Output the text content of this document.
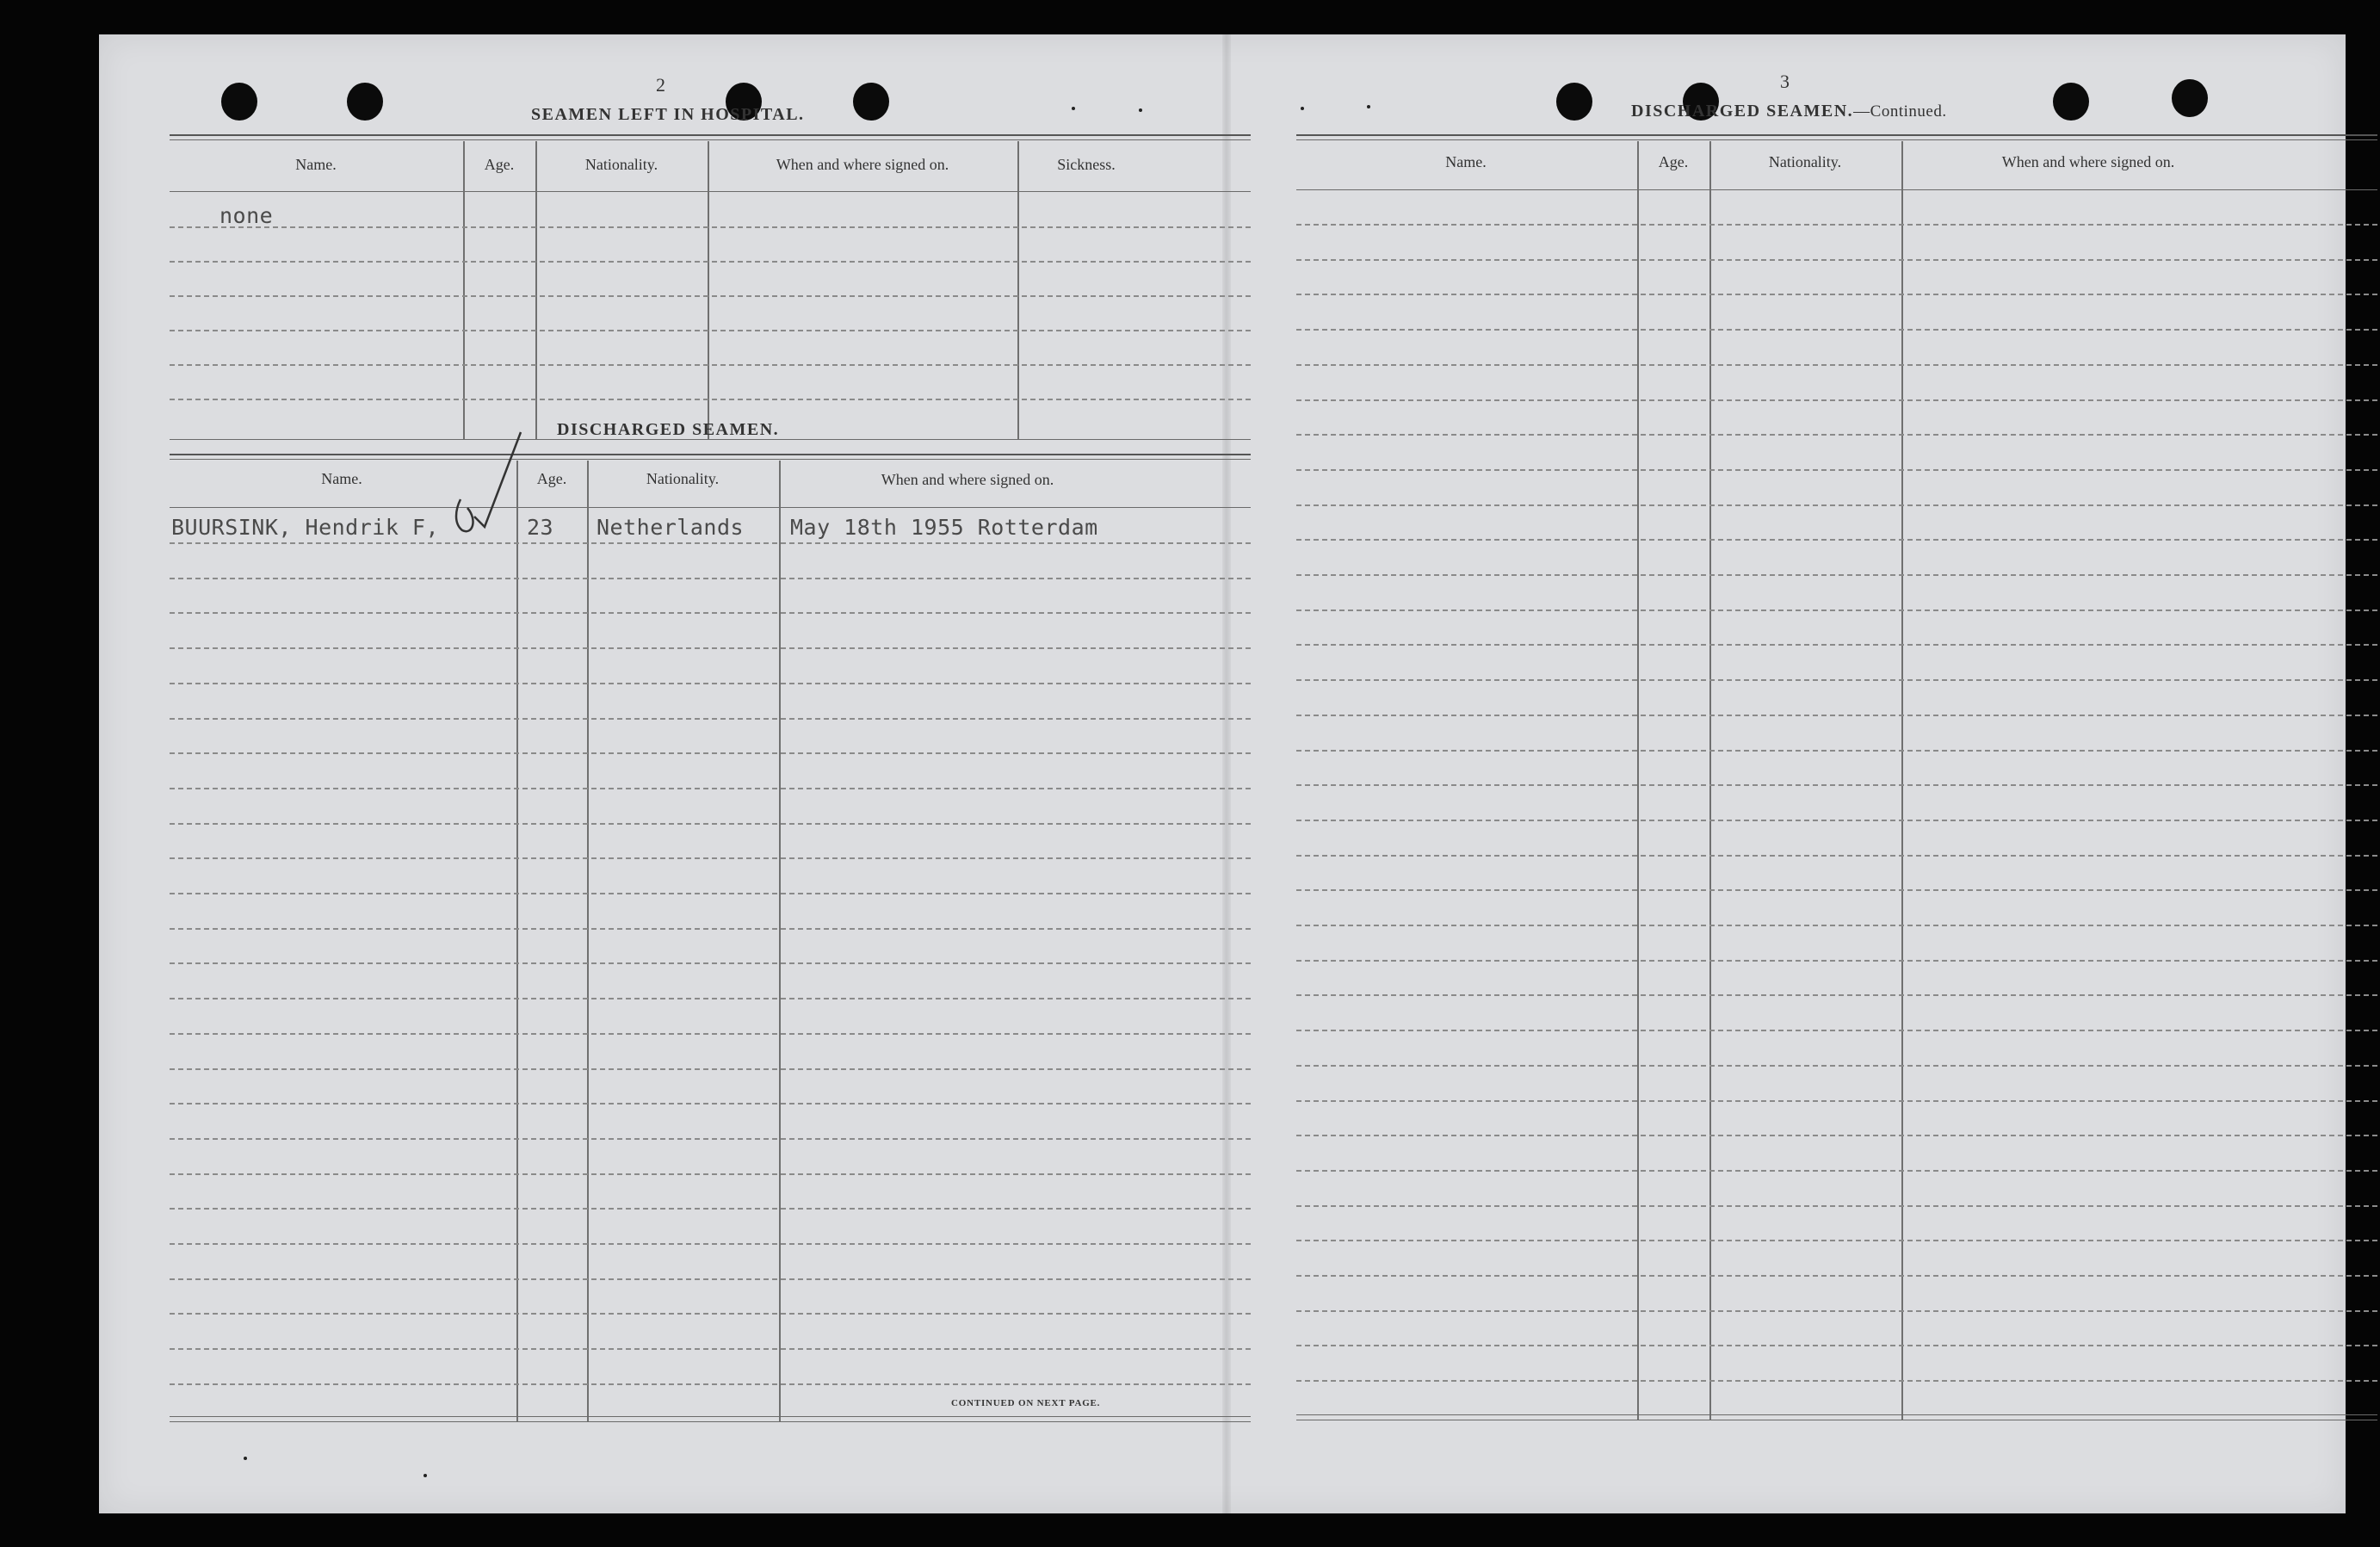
2
SEAMEN LEFT IN HOSPITAL.
Name.	Age.	Nationality.	When and where signed on.	Sickness.
none
DISCHARGED SEAMEN.
Name.	Age.	Nationality.	When and where signed on.
BUURSINK, Hendrik F,	23 Netherlands May 18th 1955 Rotterdam
CONTINUED ON NEXT PAGE.
3
DISCHARGED SEAMEN.—Continued.
Name.	Age.	Nationality.	When and where signed on.
